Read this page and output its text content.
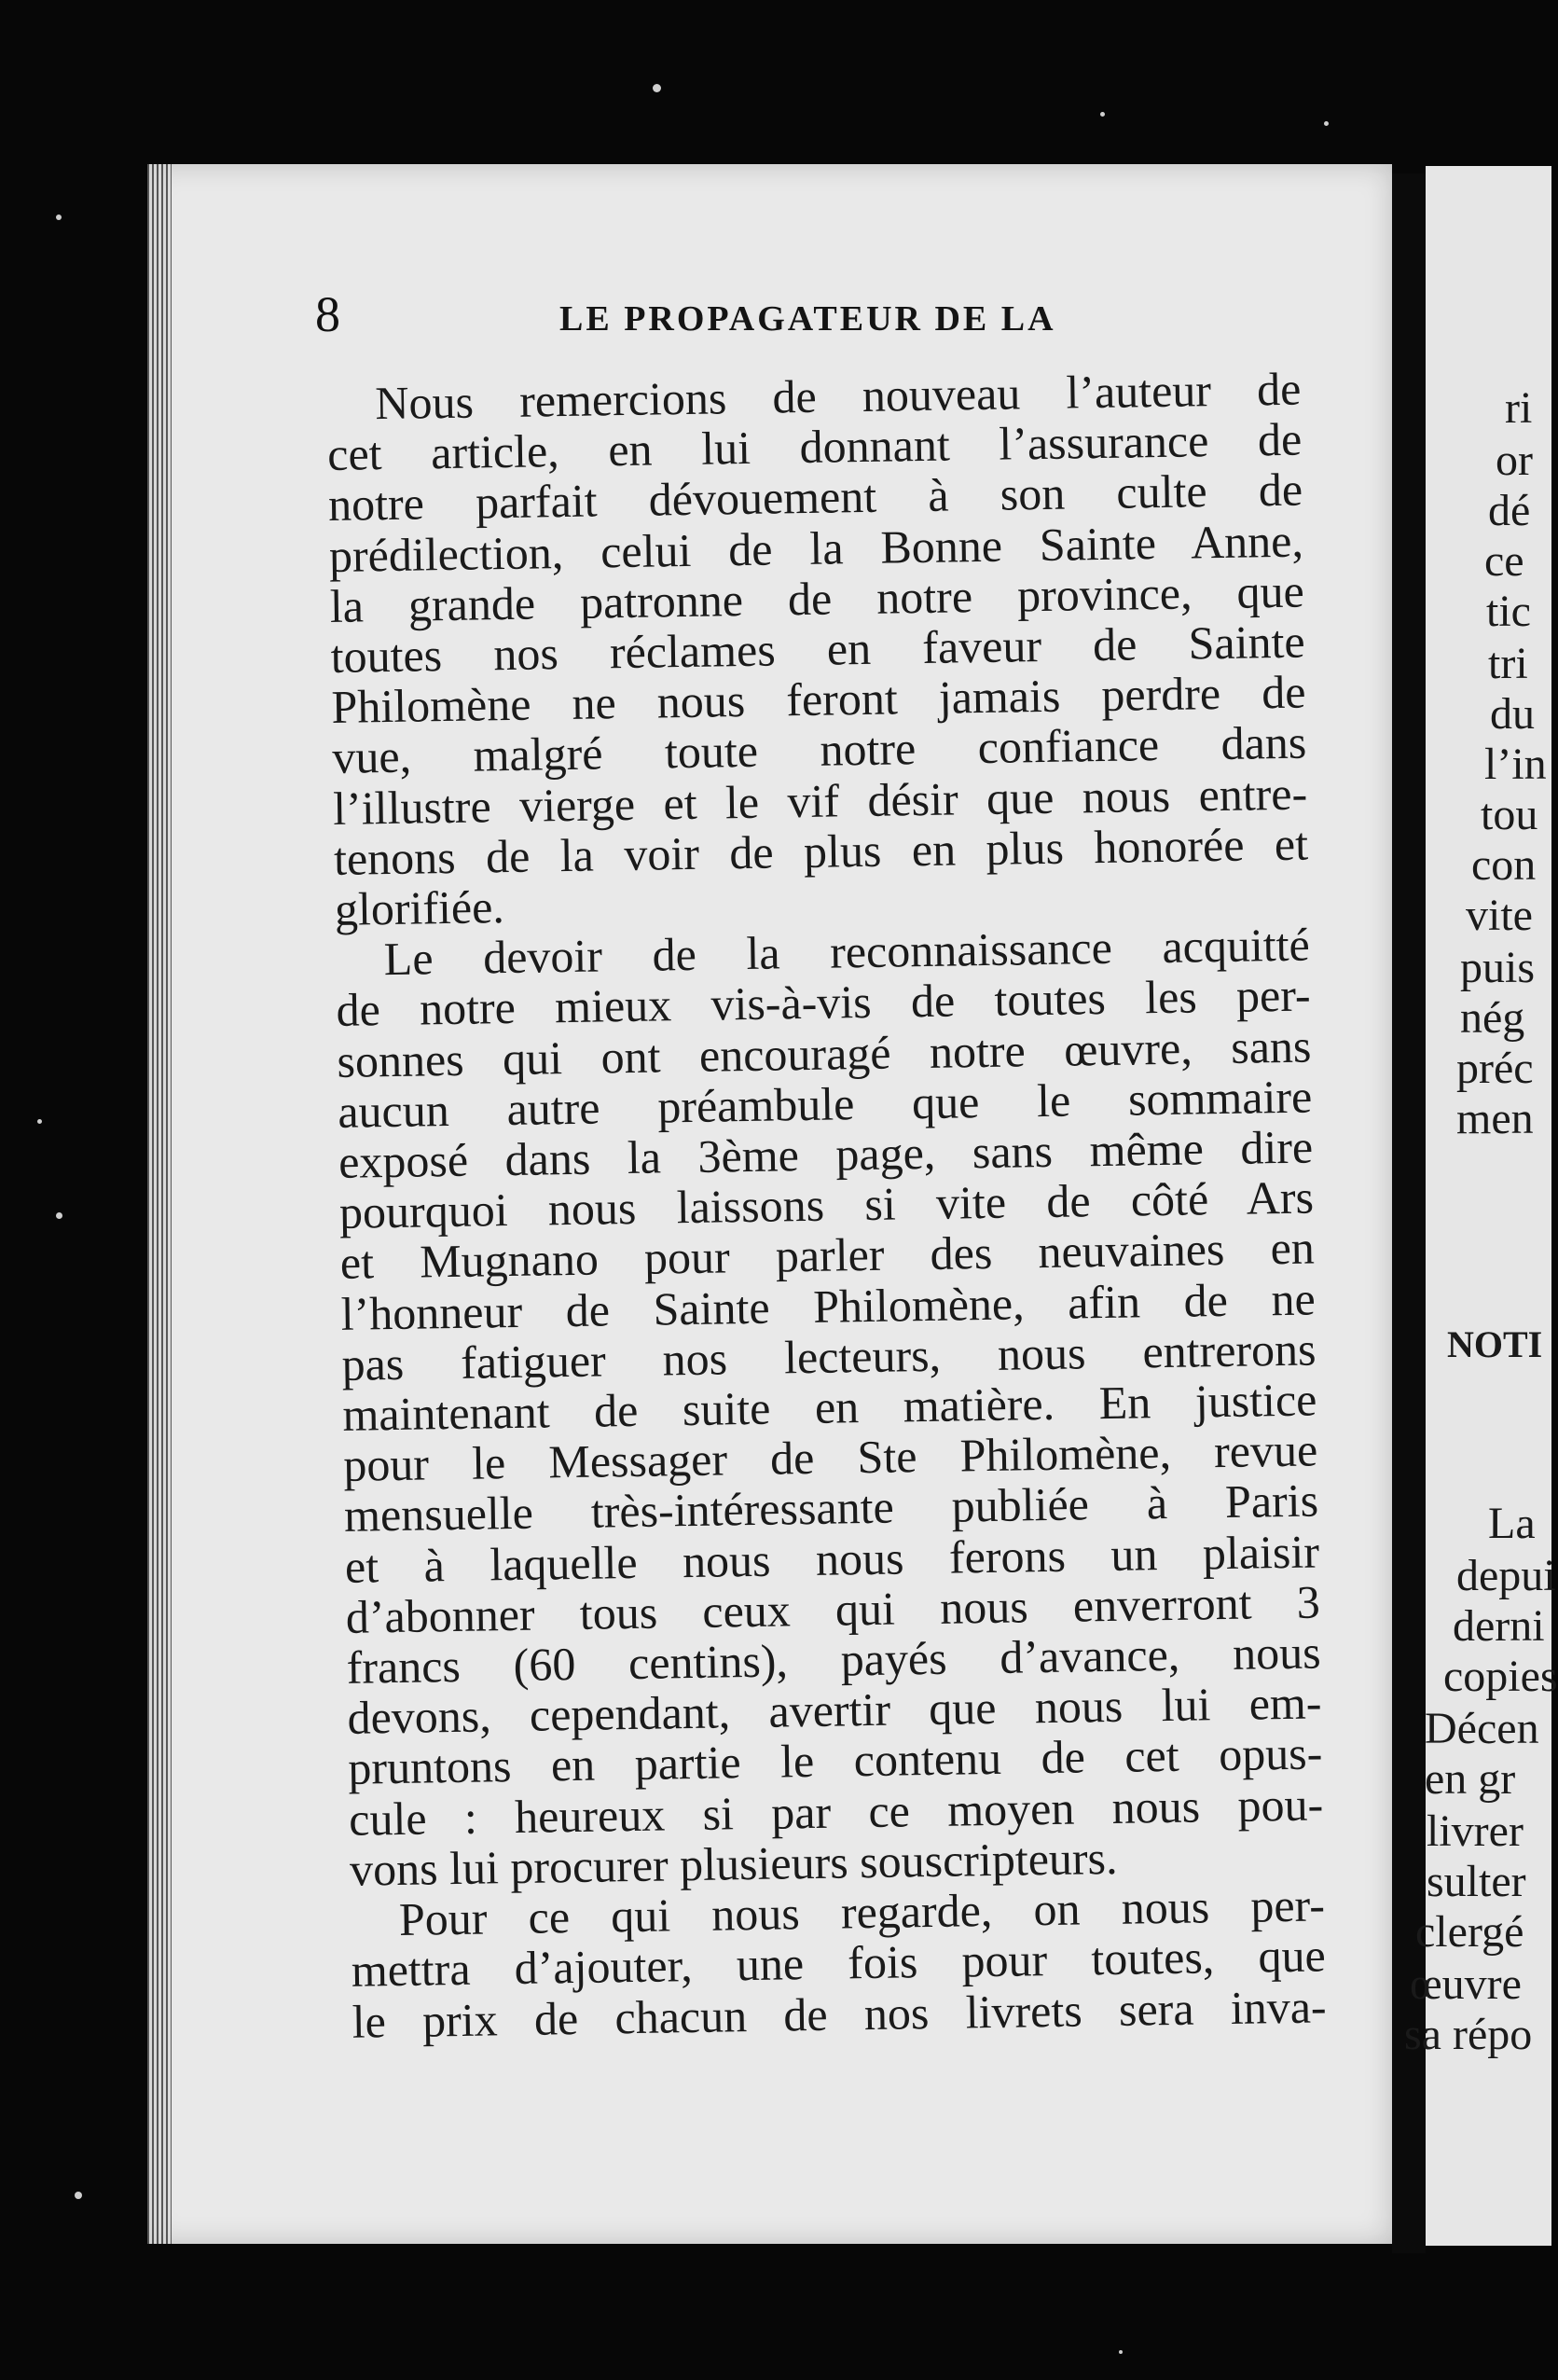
ri
or
dé
ce
tic
tri
du
l’in
tou
con
vite
puis
nég
préc
men
NOTI
La
depui
derni
copies
Décen
en gr
livrer
sulter
clergé
œuvre
sa répo
8	LE PROPAGATEUR DE LA
Nous remercions de nouveau l’auteur de
cet article, en lui donnant l’assurance de
notre parfait dévouement à son culte de
prédilection, celui de la Bonne Sainte Anne,
la grande patronne de notre province, que
toutes nos réclames en faveur de Sainte
Philomène ne nous feront jamais perdre de
vue, malgré toute notre confiance dans
l’illustre vierge et le vif désir que nous entre-
tenons de la voir de plus en plus honorée et
glorifiée.
Le devoir de la reconnaissance acquitté
de notre mieux vis-à-vis de toutes les per-
sonnes qui ont encouragé notre œuvre, sans
aucun autre préambule que le sommaire
exposé dans la 3ème page, sans même dire
pourquoi nous laissons si vite de côté Ars
et Mugnano pour parler des neuvaines en
l’honneur de Sainte Philomène, afin de ne
pas fatiguer nos lecteurs, nous entrerons
maintenant de suite en matière. En justice
pour le Messager de Ste Philomène, revue
mensuelle très-intéressante publiée à Paris
et à laquelle nous nous ferons un plaisir
d’abonner tous ceux qui nous enverront 3
francs (60 centins), payés d’avance, nous
devons, cependant, avertir que nous lui em-
pruntons en partie le contenu de cet opus-
cule : heureux si par ce moyen nous pou-
vons lui procurer plusieurs souscripteurs.
Pour ce qui nous regarde, on nous per-
mettra d’ajouter, une fois pour toutes, que
le prix de chacun de nos livrets sera inva-
